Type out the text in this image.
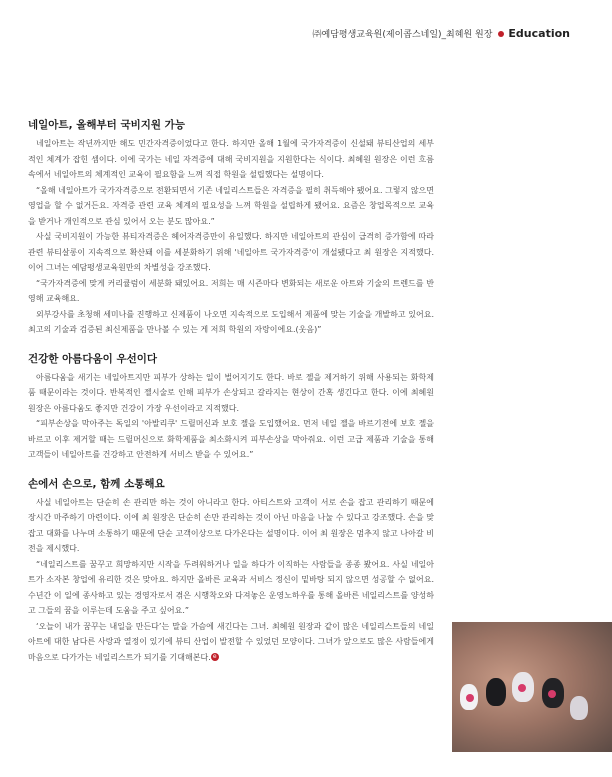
㈜예담평생교육원(제이콥스네일)_최혜원 원장 Education
네일아트, 올해부터 국비지원 가능

네일아트는 작년까지만 해도 민간자격증이었다고 한다. 하지만 올해 1월에 국가자격증이 신설돼 뷰티산업의 세부적인 체계가 잡힌 셈이다. 이에 국가는 네일 자격증에 대해 국비지원을 지원한다는 식이다. 최혜원 원장은 이런 흐름 속에서 네일아트의 체계적인 교육이 필요함을 느껴 직접 학원을 설립했다는 설명이다.

“올해 네일아트가 국가자격증으로 전환되면서 기존 네일리스트들은 자격증을 필히 취득해야 됐어요. 그렇지 않으면 영업을 할 수 없거든요. 자격증 관련 교육 체계의 필요성을 느껴 학원을 설립하게 됐어요. 요즘은 창업목적으로 교육을 받거나 개인적으로 관심 있어서 오는 분도 많아요.”

사실 국비지원이 가능한 뷰티자격증은 헤어자격증만이 유일했다. 하지만 네일아트의 관심이 급격히 증가함에 따라 관련 뷰티살롱이 지속적으로 확산돼 이를 세분화하기 위해 '네일아트 국가자격증'이 개설됐다고 최 원장은 지적했다. 이어 그녀는 예담평생교육원만의 차별성을 강조했다.

“국가자격증에 맞게 커리큘럼이 세분화 돼있어요. 저희는 매 시즌마다 변화되는 새로운 아트와 기술의 트렌드를 반영해 교육해요.

외부강사를 초청해 세미나를 진행하고 신제품이 나오면 지속적으로 도입해서 제품에 맞는 기술을 개발하고 있어요. 최고의 기술과 검증된 최신제품을 만나볼 수 있는 게 저희 학원의 자랑이에요.(웃음)”

건강한 아름다움이 우선이다

아름다움을 새기는 네일아트지만 피부가 상하는 일이 벌어지기도 한다. 바로 젤을 제거하기 위해 사용되는 화학제품 때문이라는 것이다. 반복적인 젤시술로 인해 피부가 손상되고 갈라지는 현상이 간혹 생긴다고 한다. 이에 최혜원 원장은 아름다움도 좋지만 건강이 가장 우선이라고 지적했다.

“피부손상을 막아주는 독일의 '아발리쿠' 드릴머신과 보호 젤을 도입했어요. 먼저 네일 젤을 바르기전에 보호 젤을 바르고 이후 제거할 때는 드릴머신으로 화학제품을 최소화시켜 피부손상을 막아줘요. 이런 고급 제품과 기술을 통해 고객들이 네일아트를 건강하고 안전하게 서비스 받을 수 있어요.”

손에서 손으로, 함께 소통해요

사실 네일아트는 단순히 손 관리만 하는 것이 아니라고 한다. 아티스트와 고객이 서로 손을 잡고 관리하기 때문에 장시간 마주하기 마련이다. 이에 최 원장은 단순히 손만 관리하는 것이 아닌 마음을 나눌 수 있다고 강조했다. 손을 맞잡고 대화를 나누며 소통하기 때문에 단순 고객이상으로 다가온다는 설명이다. 이어 최 원장은 멈추지 않고 나아갈 비전을 제시했다.

“네일리스트를 꿈꾸고 희망하지만 시작을 두려워하거나 일을 하다가 이직하는 사람들을 종종 봤어요. 사실 네일아트가 소자본 창업에 유리한 것은 맞아요. 하지만 올바른 교육과 서비스 정신이 밑바탕 되지 않으면 성공할 수 없어요. 수년간 이 일에 종사하고 있는 경영자로서 겪은 시행착오와 다져놓은 운영노하우를 통해 올바른 네일리스트를 양성하고 그들의 꿈을 이루는데 도움을 주고 싶어요.”

‘오늘이 내가 꿈꾸는 내일을 만든다’는 말을 가슴에 새긴다는 그녀. 최혜원 원장과 같이 많은 네일리스트들의 네일아트에 대한 남다른 사랑과 열정이 있기에 뷰티 산업이 발전할 수 있었던 모양이다. 그녀가 앞으로도 많은 사람들에게 마음으로 다가가는 네일리스트가 되기를 기대해본다. e
